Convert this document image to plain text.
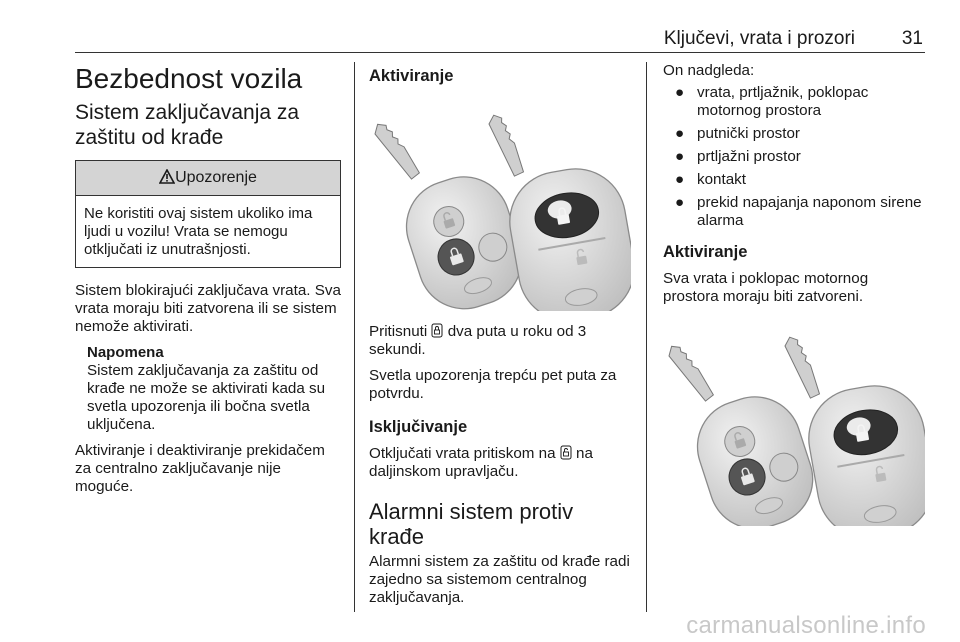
Ključevi, vrata i prozori 31
Bezbednost vozila
Sistem zaključavanja za zaštitu od krađe
Upozorenje
Ne koristiti ovaj sistem ukoliko ima ljudi u vozilu! Vrata se nemogu otključati iz unutrašnjosti.

Sistem blokirajući zaključava vrata. Sva vrata moraju biti zatvorena ili se sistem nemože aktivirati.

Napomena
Sistem zaključavanja za zaštitu od krađe ne može se aktivirati kada su svetla upozorenja ili bočna svetla uključena.

Aktiviranje i deaktiviranje prekidačem za centralno zaključavanje nije moguće.

Aktiviranje

Pritisnuti dva puta u roku od 3 sekundi.

Svetla upozorenja trepću pet puta za potvrdu.

Isključivanje

Otključati vrata pritiskom na na daljinskom upravljaču.

Alarmni sistem protiv krađe

Alarmni sistem za zaštitu od krađe radi zajedno sa sistemom centralnog zaključavanja.

On nadgleda:

● vrata, prtljažnik, poklopac motornog prostora
● putnički prostor
● prtljažni prostor
● kontakt
● prekid napajanja naponom sirene alarma
Aktiviranje

Sva vrata i poklopac motornog prostora moraju biti zatvoreni.

carmanualsonline.info
